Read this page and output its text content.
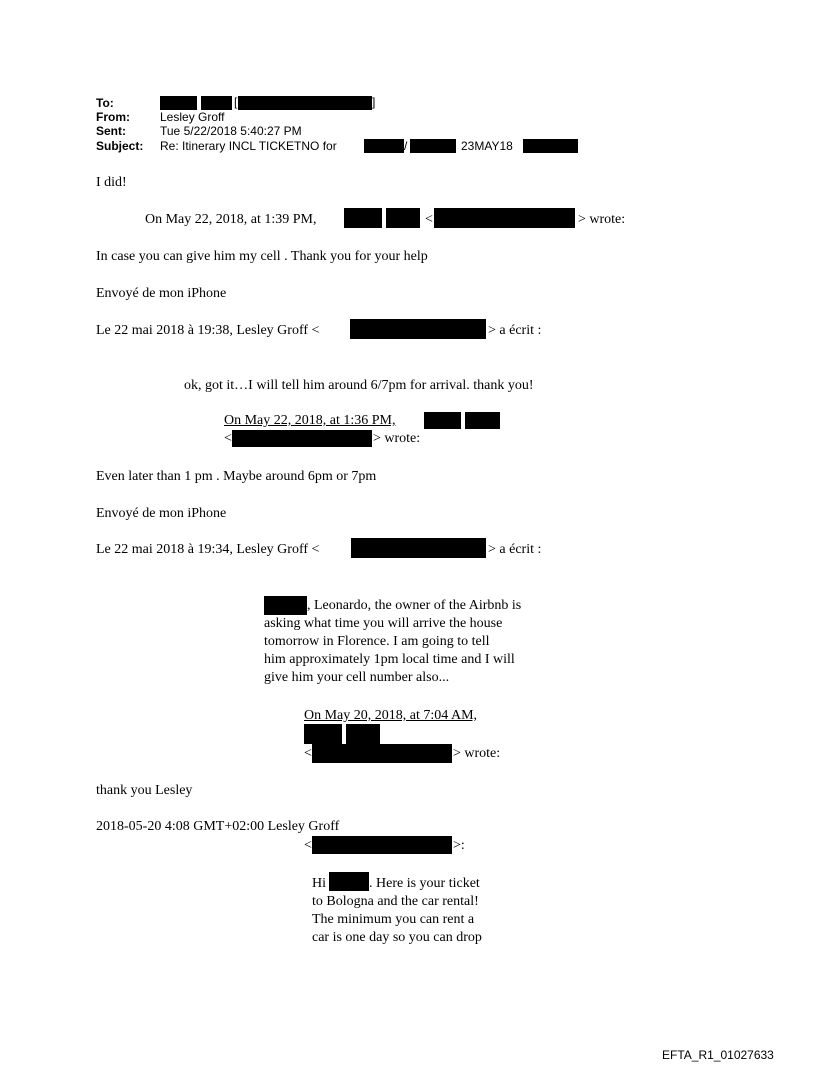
To:	[	]
From:	Lesley Groff
Sent:	Tue 5/22/2018 5:40:27 PM
Subject: Re: Itinerary INCL TICKETNO for	/	23MAY18
I did!
On May 22, 2018, at 1:39 PM,	<	> wrote:
In case you can give him my cell . Thank you for your help
Envoyé de mon iPhone
Le 22 mai 2018 à 19:38, Lesley Groff <	> a écrit :
ok, got it…I will tell him around 6/7pm for arrival. thank you!
On May 22, 2018, at 1:36 PM,
<	> wrote:
Even later than 1 pm . Maybe around 6pm or 7pm
Envoyé de mon iPhone
Le 22 mai 2018 à 19:34, Lesley Groff <	> a écrit :
, Leonardo, the owner of the Airbnb is
asking what time you will arrive the house
tomorrow in Florence. I am going to tell
him approximately 1pm local time and I will
give him your cell number also...
On May 20, 2018, at 7:04 AM,
<	> wrote:
thank you Lesley
2018-05-20 4:08 GMT+02:00 Lesley Groff
<	>:
Hi	. Here is your ticket
to Bologna and the car rental!
The minimum you can rent a
car is one day so you can drop
EFTA_R1_01027633
